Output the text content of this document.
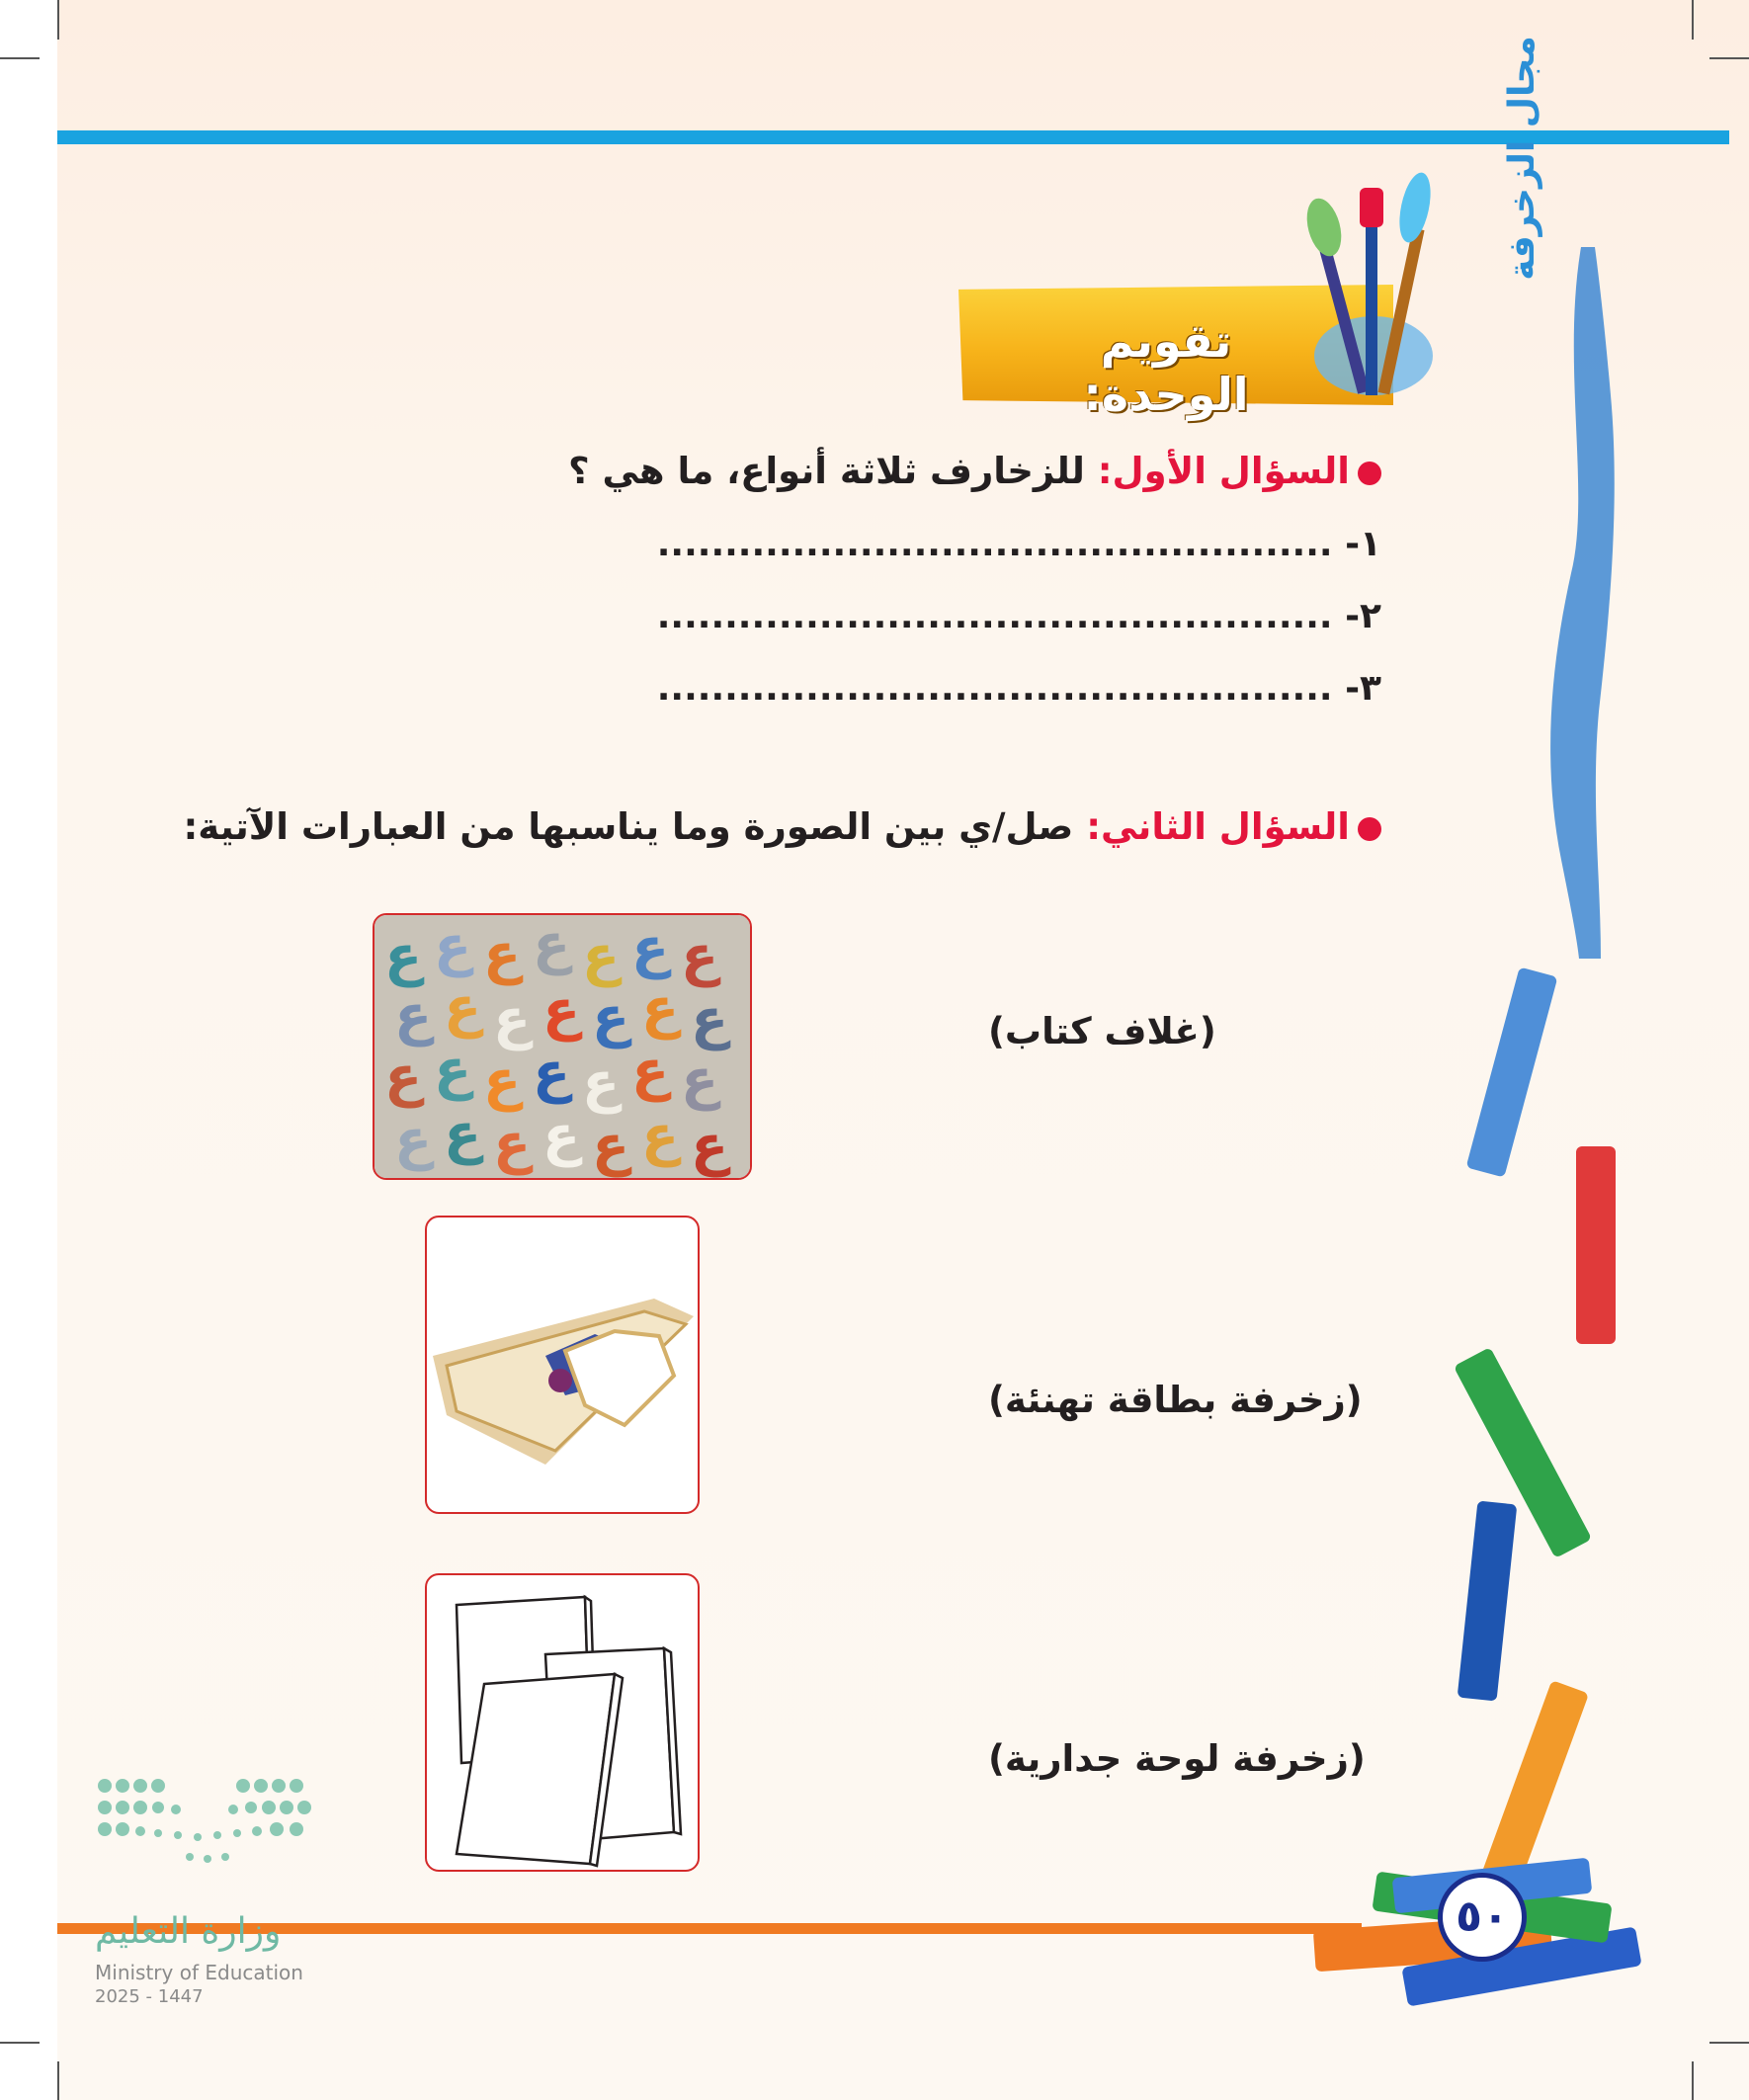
تقويم الوحدة:
مجال الزخرفة
السؤال الأول: للزخارف ثلاثة أنواع، ما هي ؟
١- ..................................................
٢- ..................................................
٣- ..................................................
السؤال الثاني: صل/ي بين الصورة وما يناسبها من العبارات الآتية:
ع ع ع ع ع ع ع
ع ع ع ع ع ع ع
ع ع ع ع ع ع ع
ع ع ع ع ع ع ع
(غلاف كتاب)
(زخرفة بطاقة تهنئة)
(زخرفة لوحة جدارية)
٥٠
وزارة التعليم
Ministry of Education
2025 - 1447
